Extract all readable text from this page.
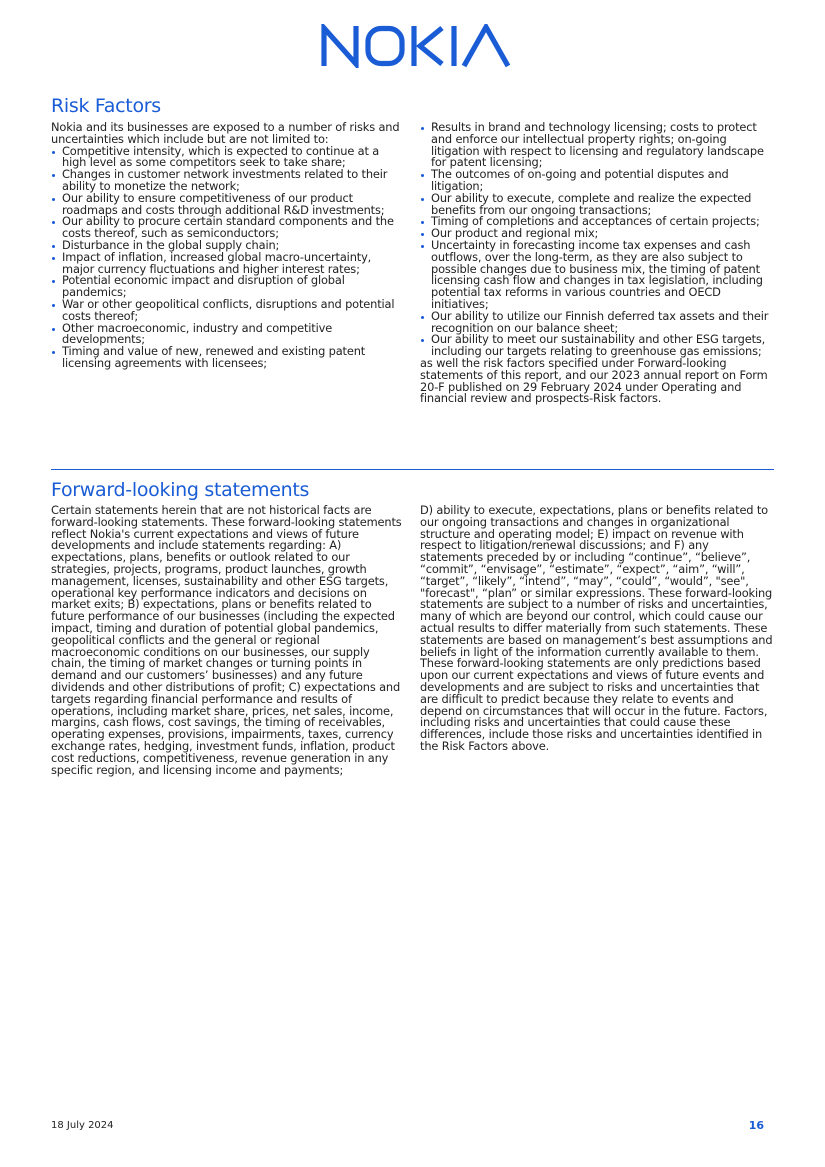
Risk Factors

Nokia and its businesses are exposed to a number of risks and uncertainties which include but are not limited to:

Competitive intensity, which is expected to continue at a high level as some competitors seek to take share;
Changes in customer network investments related to their ability to monetize the network;
Our ability to ensure competitiveness of our product roadmaps and costs through additional R&D investments;
Our ability to procure certain standard components and the costs thereof, such as semiconductors;
Disturbance in the global supply chain;
Impact of inflation, increased global macro-uncertainty, major currency fluctuations and higher interest rates;
Potential economic impact and disruption of global pandemics;
War or other geopolitical conflicts, disruptions and potential costs thereof;
Other macroeconomic, industry and competitive developments;
Timing and value of new, renewed and existing patent licensing agreements with licensees;
Results in brand and technology licensing; costs to protect and enforce our intellectual property rights; on-going litigation with respect to licensing and regulatory landscape for patent licensing;
The outcomes of on-going and potential disputes and litigation;
Our ability to execute, complete and realize the expected benefits from our ongoing transactions;
Timing of completions and acceptances of certain projects;
Our product and regional mix;
Uncertainty in forecasting income tax expenses and cash outflows, over the long-term, as they are also subject to possible changes due to business mix, the timing of patent licensing cash flow and changes in tax legislation, including potential tax reforms in various countries and OECD initiatives;
Our ability to utilize our Finnish deferred tax assets and their recognition on our balance sheet;
Our ability to meet our sustainability and other ESG targets, including our targets relating to greenhouse gas emissions;

as well the risk factors specified under Forward-looking statements of this report, and our 2023 annual report on Form 20-F published on 29 February 2024 under Operating and financial review and prospects-Risk factors.

Forward-looking statements

Certain statements herein that are not historical facts are forward-looking statements. These forward-looking statements reflect Nokia's current expectations and views of future developments and include statements regarding: A) expectations, plans, benefits or outlook related to our strategies, projects, programs, product launches, growth management, licenses, sustainability and other ESG targets, operational key performance indicators and decisions on market exits; B) expectations, plans or benefits related to future performance of our businesses (including the expected impact, timing and duration of potential global pandemics, geopolitical conflicts and the general or regional macroeconomic conditions on our businesses, our supply chain, the timing of market changes or turning points in demand and our customers’ businesses) and any future dividends and other distributions of profit; C) expectations and targets regarding financial performance and results of operations, including market share, prices, net sales, income, margins, cash flows, cost savings, the timing of receivables, operating expenses, provisions, impairments, taxes, currency exchange rates, hedging, investment funds, inflation, product cost reductions, competitiveness, revenue generation in any specific region, and licensing income and payments;

D) ability to execute, expectations, plans or benefits related to our ongoing transactions and changes in organizational structure and operating model; E) impact on revenue with respect to litigation/renewal discussions; and F) any statements preceded by or including “continue”, “believe”, “commit”, “envisage”, “estimate”, “expect”, “aim”, “will”, “target”, “likely”, “intend”, “may”, “could”, “would”, "see", "forecast", “plan” or similar expressions. These forward-looking statements are subject to a number of risks and uncertainties, many of which are beyond our control, which could cause our actual results to differ materially from such statements. These statements are based on management’s best assumptions and beliefs in light of the information currently available to them. These forward-looking statements are only predictions based upon our current expectations and views of future events and developments and are subject to risks and uncertainties that are difficult to predict because they relate to events and depend on circumstances that will occur in the future. Factors, including risks and uncertainties that could cause these differences, include those risks and uncertainties identified in the Risk Factors above.

18 July 2024	16
